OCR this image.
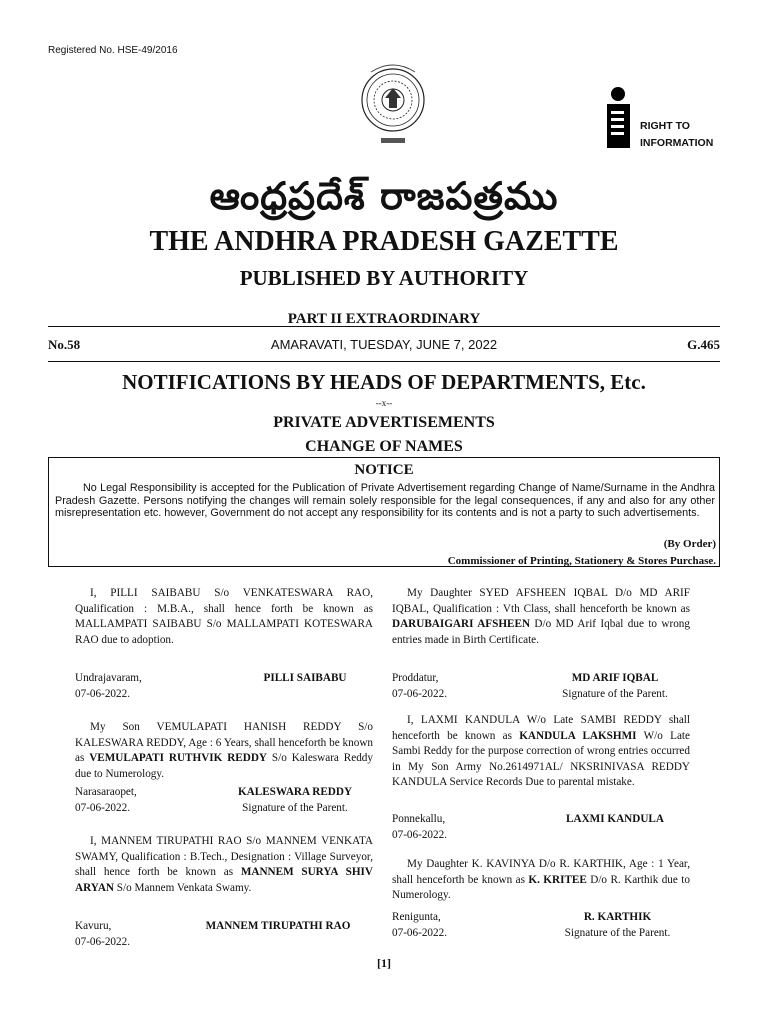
Registered No. HSE-49/2016
RIGHT TO
INFORMATION
ఆంధ్రప్రదేశ్ రాజపత్రము
THE ANDHRA PRADESH GAZETTE
PUBLISHED BY AUTHORITY
PART II EXTRAORDINARY
No.58	AMARAVATI, TUESDAY, JUNE 7, 2022	G.465
NOTIFICATIONS BY HEADS OF DEPARTMENTS, Etc.
--x--
PRIVATE ADVERTISEMENTS
CHANGE OF NAMES
NOTICE
No Legal Responsibility is accepted for the Publication of Private Advertisement regarding Change of Name/Surname in the Andhra Pradesh Gazette. Persons notifying the changes will remain solely responsible for the legal consequences, if any and also for any other misrepresentation etc. however, Government do not accept any responsibility for its contents and is not a party to such advertisements.
(By Order)
Commissioner of Printing, Stationery & Stores Purchase.

I, PILLI SAIBABU S/o VENKATESWARA RAO, Qualification : M.B.A., shall hence forth be known as MALLAMPATI SAIBABU S/o MALLAMPATI KOTESWARA RAO due to adoption.

Undrajavaram,
07-06-2022.
PILLI SAIBABU

My Son VEMULAPATI HANISH REDDY S/o KALESWARA REDDY, Age : 6 Years, shall henceforth be known as VEMULAPATI RUTHVIK REDDY S/o Kaleswara Reddy due to Numerology.

Narasaraopet,
07-06-2022.
KALESWARA REDDY
Signature of the Parent.

I, MANNEM TIRUPATHI RAO S/o MANNEM VENKATA SWAMY, Qualification : B.Tech., Designation : Village Surveyor, shall hence forth be known as MANNEM SURYA SHIV ARYAN S/o Mannem Venkata Swamy.

Kavuru,
07-06-2022.
MANNEM TIRUPATHI RAO

My Daughter SYED AFSHEEN IQBAL D/o MD ARIF IQBAL, Qualification : Vth Class, shall henceforth be known as DARUBAIGARI AFSHEEN D/o MD Arif Iqbal due to wrong entries made in Birth Certificate.

Proddatur,
07-06-2022.
MD ARIF IQBAL
Signature of the Parent.

I, LAXMI KANDULA W/o Late SAMBI REDDY shall henceforth be known as KANDULA LAKSHMI W/o Late Sambi Reddy for the purpose correction of wrong entries occurred in My Son Army No.2614971AL/ NKSRINIVASA REDDY KANDULA Service Records Due to parental mistake.

Ponnekallu,
07-06-2022.
LAXMI KANDULA

My Daughter K. KAVINYA D/o R. KARTHIK, Age : 1 Year, shall henceforth be known as K. KRITEE D/o R. Karthik due to Numerology.

Renigunta,
07-06-2022.
R. KARTHIK
Signature of the Parent.
[1]
